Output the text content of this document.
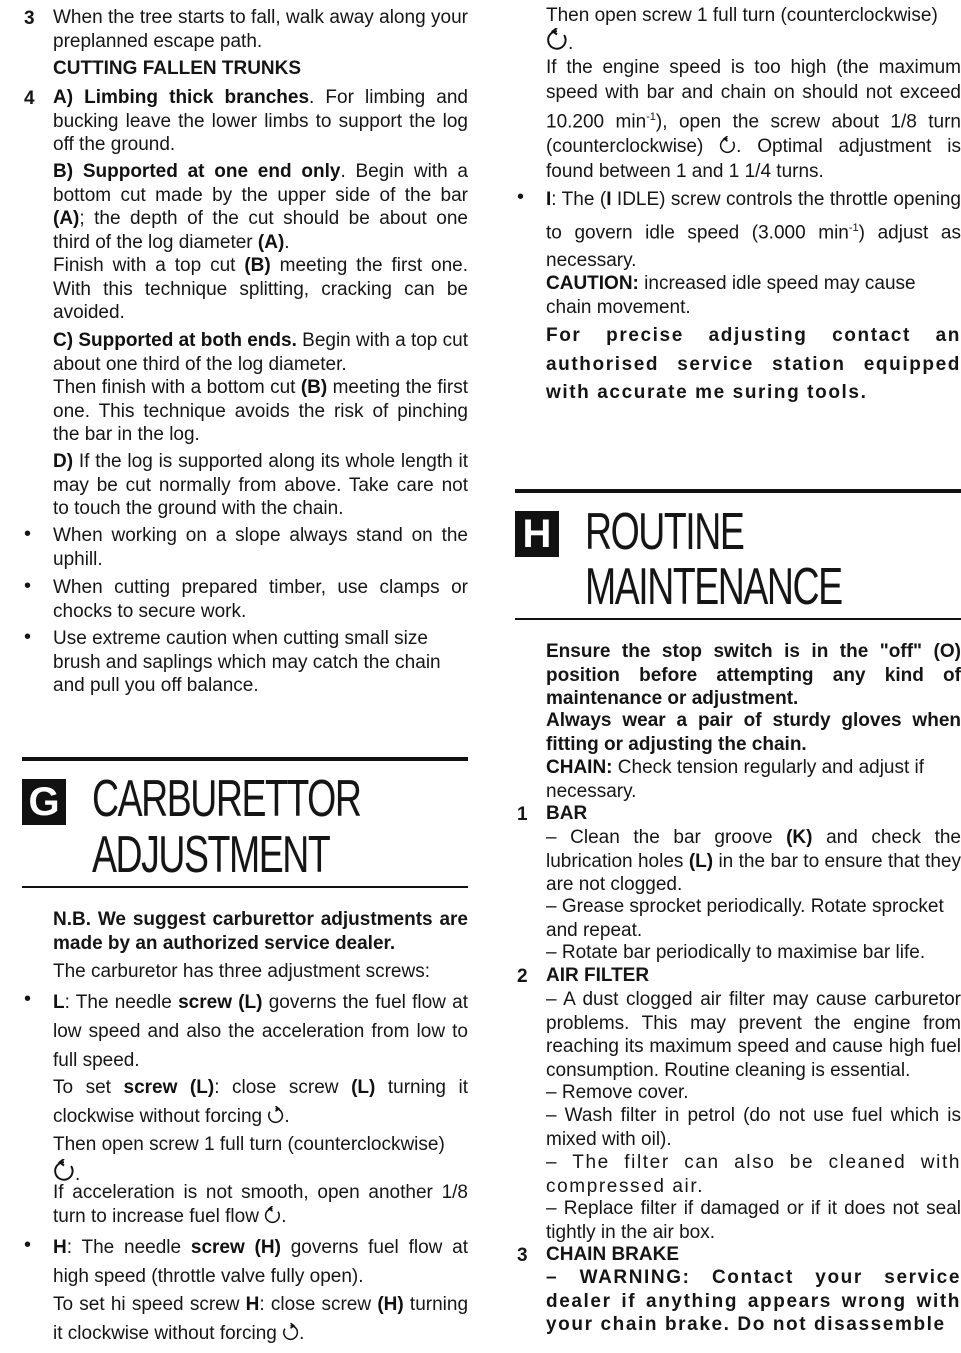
3 When the tree starts to fall, walk away along your preplanned escape path.

CUTTING FALLEN TRUNKS
4 A) Limbing thick branches. For limbing and bucking leave the lower limbs to support the log off the ground.

B) Supported at one end only. Begin with a bottom cut made by the upper side of the bar (A); the depth of the cut should be about one third of the log diameter (A).
Finish with a top cut (B) meeting the first one. With this technique splitting, cracking can be avoided.

C) Supported at both ends. Begin with a top cut about one third of the log diameter.
Then finish with a bottom cut (B) meeting the first one. This technique avoids the risk of pinching the bar in the log.

D) If the log is supported along its whole length it may be cut normally from above. Take care not to touch the ground with the chain.

• When working on a slope always stand on the uphill.

• When cutting prepared timber, use clamps or chocks to secure work.

• Use extreme caution when cutting small size brush and saplings which may catch the chain and pull you off balance.

G CARBURETTOR
ADJUSTMENT

N.B. We suggest carburettor adjustments are made by an authorized service dealer.

The carburetor has three adjustment screws:

• L: The needle screw (L) governs the fuel flow at low speed and also the acceleration from low to full speed.

To set screw (L): close screw (L) turning it clockwise without forcing .

Then open screw 1 full turn (counterclockwise)
.

If acceleration is not smooth, open another 1/8 turn to increase fuel flow .

• H: The needle screw (H) governs fuel flow at high speed (throttle valve fully open).

To set hi speed screw H: close screw (H) turning it clockwise without forcing .

Then open screw 1 full turn (counterclockwise)
.

If the engine speed is too high (the maximum speed with bar and chain on should not exceed 10.200 $\min^{-1}$), open the screw about 1/8 turn (counterclockwise) . Optimal adjustment is found between 1 and 1 1/4 turns.

• I: The (I IDLE) screw controls the throttle opening to govern idle speed (3.000 $\min^{-1}$) adjust as necessary.

CAUTION: increased idle speed may cause chain movement.

For precise adjusting contact an authorised service station equipped with accurate me suring tools.

H ROUTINE
MAINTENANCE

Ensure the stop switch is in the "off" (O) position before attempting any kind of maintenance or adjustment.

Always wear a pair of sturdy gloves when fitting or adjusting the chain.

CHAIN: Check tension regularly and adjust if necessary.

1 BAR

– Clean the bar groove (K) and check the lubrication holes (L) in the bar to ensure that they are not clogged.

– Grease sprocket periodically. Rotate sprocket and repeat.

– Rotate bar periodically to maximise bar life.

2 AIR FILTER

– A dust clogged air filter may cause carburetor problems. This may prevent the engine from reaching its maximum speed and cause high fuel consumption. Routine cleaning is essential.

– Remove cover.

– Wash filter in petrol (do not use fuel which is mixed with oil).

– The filter can also be cleaned with compressed air.

– Replace filter if damaged or if it does not seal tightly in the air box.

3 CHAIN BRAKE

– WARNING: Contact your service dealer if anything appears wrong with your chain brake. Do not disassemble
